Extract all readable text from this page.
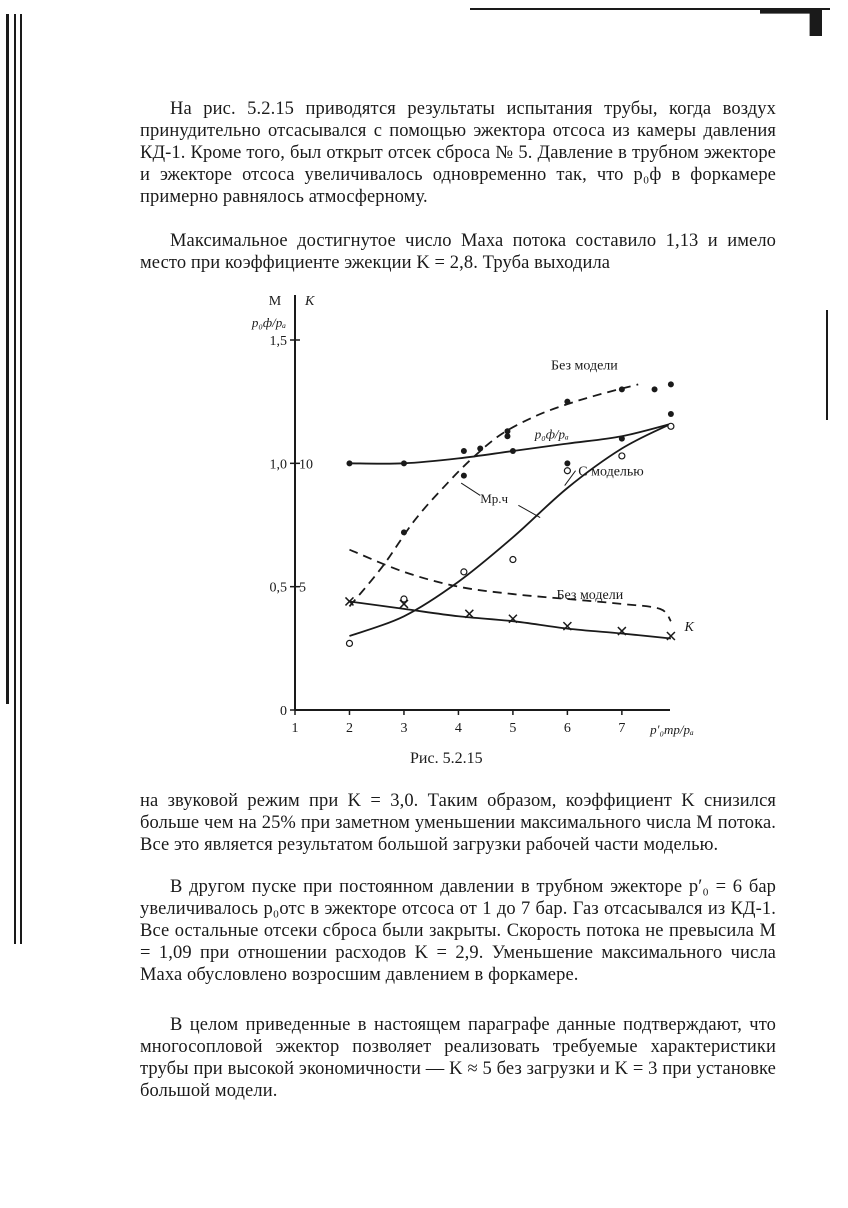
На рис. 5.2.15 приводятся результаты испытания трубы, когда воздух принудительно отсасывался с помощью эжектора отсоса из камеры давления КД-1. Кроме того, был открыт отсек сброса № 5. Давление в трубном эжекторе и эжекторе отсоса увеличивалось одновременно так, что p₀ф в форкамере примерно равнялось атмосферному.

Максимальное достигнутое число Маха потока составило 1,13 и имело место при коэффициенте эжекции K = 2,8. Труба выходила

1	2	3	4	5	6	7
0
0,5
1,0
1,5
5
10
M
p₀ф/pₐ
K
p′₀тр/pₐ
Без модели
p₀ф/pₐ
С моделью
Mр.ч
Без модели
K
Рис. 5.2.15

на звуковой режим при K = 3,0. Таким образом, коэффициент K снизился больше чем на 25% при заметном уменьшении максимального числа M потока. Все это является результатом большой загрузки рабочей части моделью.

В другом пуске при постоянном давлении в трубном эжекторе p′₀ = 6 бар увеличивалось p₀отс в эжекторе отсоса от 1 до 7 бар. Газ отсасывался из КД-1. Все остальные отсеки сброса были закрыты. Скорость потока не превысила M = 1,09 при отношении расходов K = 2,9. Уменьшение максимального числа Маха обусловлено возросшим давлением в форкамере.

В целом приведенные в настоящем параграфе данные подтверждают, что многосопловой эжектор позволяет реализовать требуемые характеристики трубы при высокой экономичности — K ≈ 5 без загрузки и K = 3 при установке большой модели.
